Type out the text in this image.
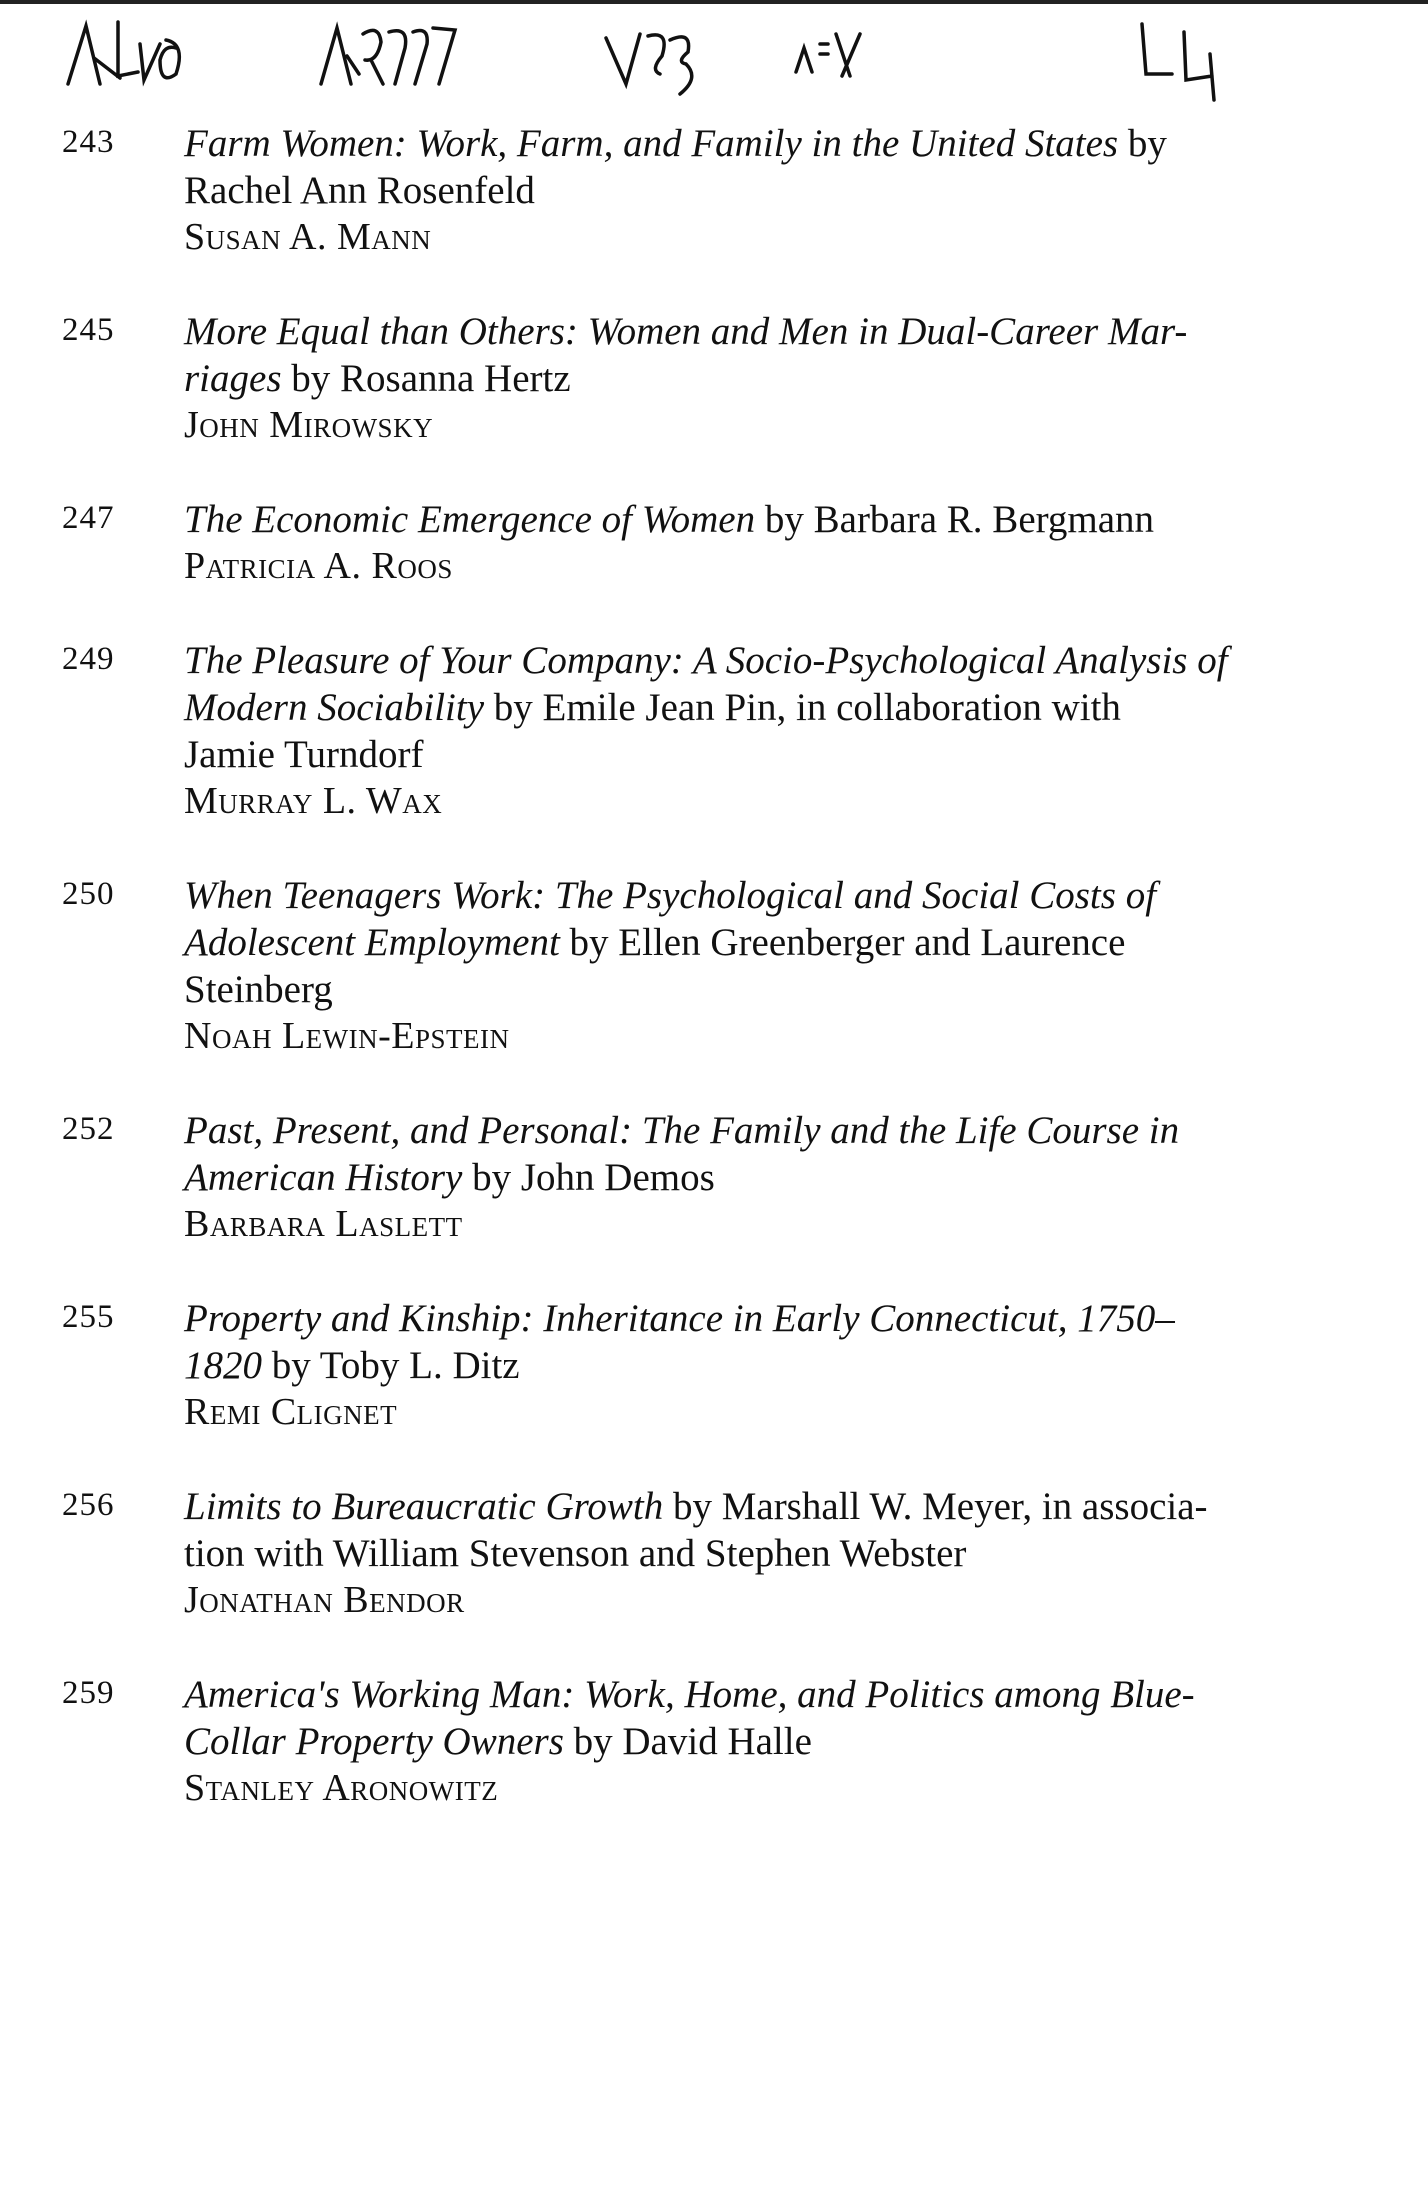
243 Farm Women: Work, Farm, and Family in the United States by
Rachel Ann Rosenfeld
Susan A. Mann
245 More Equal than Others: Women and Men in Dual-Career Mar-
riages by Rosanna Hertz
John Mirowsky
247 The Economic Emergence of Women by Barbara R. Bergmann
Patricia A. Roos
249 The Pleasure of Your Company: A Socio-Psychological Analysis of
Modern Sociability by Emile Jean Pin, in collaboration with
Jamie Turndorf
Murray L. Wax
250 When Teenagers Work: The Psychological and Social Costs of
Adolescent Employment by Ellen Greenberger and Laurence
Steinberg
Noah Lewin-Epstein
252 Past, Present, and Personal: The Family and the Life Course in
American History by John Demos
Barbara Laslett
255 Property and Kinship: Inheritance in Early Connecticut, 1750–
1820 by Toby L. Ditz
Remi Clignet
256 Limits to Bureaucratic Growth by Marshall W. Meyer, in associa-
tion with William Stevenson and Stephen Webster
Jonathan Bendor
259 America's Working Man: Work, Home, and Politics among Blue-
Collar Property Owners by David Halle
Stanley Aronowitz
